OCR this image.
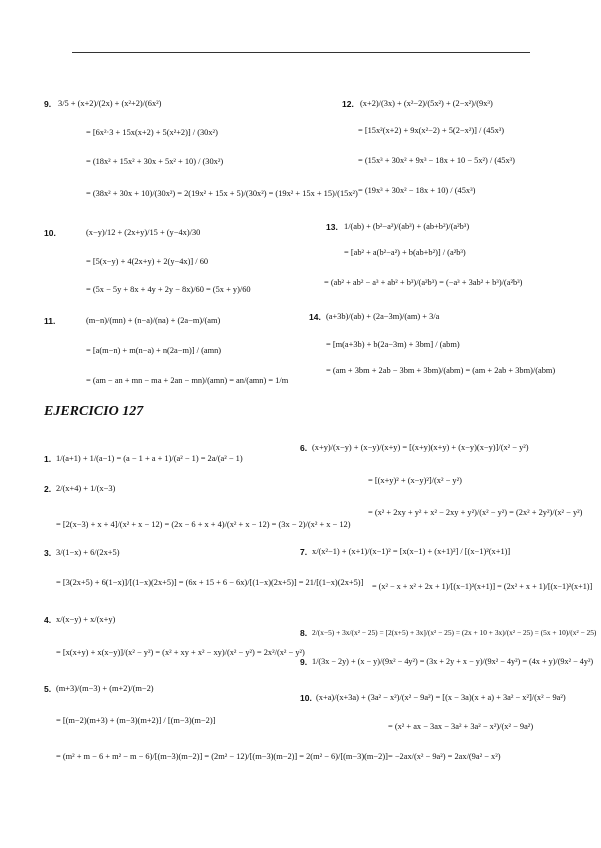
9. 3/5 + (x+2)/(2x) + (x²+2)/(6x²)
= [6x²·3 + 15x(x+2) + 5(x²+2)] / (30x²)
= (18x² + 15x² + 30x + 5x² + 10) / (30x²)
= (38x² + 30x + 10)/(30x²) = 2(19x² + 15x + 5)/(30x²) = (19x² + 15x + 15)/(15x²)
10.	(x−y)/12 + (2x+y)/15 + (y−4x)/30
= [5(x−y) + 4(2x+y) + 2(y−4x)] / 60
= (5x − 5y + 8x + 4y + 2y − 8x)/60 = (5x + y)/60
11.	(m−n)/(mn) + (n−a)/(na) + (2a−m)/(am)
= [a(m−n) + m(n−a) + n(2a−m)] / (amn)
= (am − an + mn − ma + 2an − mn)/(amn) = an/(amn) = 1/m
12. (x+2)/(3x) + (x²−2)/(5x²) + (2−x²)/(9x³)
= [15x²(x+2) + 9x(x²−2) + 5(2−x²)] / (45x³)
= (15x³ + 30x² + 9x³ − 18x + 10 − 5x²) / (45x³)
= (19x³ + 30x² − 18x + 10) / (45x³)
13. 1/(ab) + (b²−a²)/(ab³) + (ab+b²)/(a²b³)
= [ab² + a(b²−a²) + b(ab+b²)] / (a²b³)
= (ab² + ab² − a³ + ab² + b³)/(a²b³) = (−a³ + 3ab² + b³)/(a²b³)
14. (a+3b)/(ab) + (2a−3m)/(am) + 3/a
= [m(a+3b) + b(2a−3m) + 3bm] / (abm)
= (am + 3bm + 2ab − 3bm + 3bm)/(abm) = (am + 2ab + 3bm)/(abm)
EJERCICIO 127
1. 1/(a+1) + 1/(a−1) = (a − 1 + a + 1)/(a² − 1) = 2a/(a² − 1)
2. 2/(x+4) + 1/(x−3)
= [2(x−3) + x + 4]/(x² + x − 12) = (2x − 6 + x + 4)/(x² + x − 12) = (3x − 2)/(x² + x − 12)
3. 3/(1−x) + 6/(2x+5)
= [3(2x+5) + 6(1−x)]/[(1−x)(2x+5)] = (6x + 15 + 6 − 6x)/[(1−x)(2x+5)] = 21/[(1−x)(2x+5)]
4. x/(x−y) + x/(x+y)
= [x(x+y) + x(x−y)]/(x² − y²) = (x² + xy + x² − xy)/(x² − y²) = 2x²/(x² − y²)
5. (m+3)/(m−3) + (m+2)/(m−2)
= [(m−2)(m+3) + (m−3)(m+2)] / [(m−3)(m−2)]
= (m² + m − 6 + m² − m − 6)/[(m−3)(m−2)] = (2m² − 12)/[(m−3)(m−2)] = 2(m² − 6)/[(m−3)(m−2)]
6. (x+y)/(x−y) + (x−y)/(x+y) = [(x+y)(x+y) + (x−y)(x−y)]/(x² − y²)
= [(x+y)² + (x−y)²]/(x² − y²)
= (x² + 2xy + y² + x² − 2xy + y²)/(x² − y²) = (2x² + 2y²)/(x² − y²)
7. x/(x²−1) + (x+1)/(x−1)² = [x(x−1) + (x+1)²] / [(x−1)²(x+1)]
= (x² − x + x² + 2x + 1)/[(x−1)²(x+1)] = (2x² + x + 1)/[(x−1)²(x+1)]
8. 2/(x−5) + 3x/(x² − 25) = [2(x+5) + 3x]/(x² − 25) = (2x + 10 + 3x)/(x² − 25) = (5x + 10)/(x² − 25)
9. 1/(3x − 2y) + (x − y)/(9x² − 4y²) = (3x + 2y + x − y)/(9x² − 4y²) = (4x + y)/(9x² − 4y²)
10. (x+a)/(x+3a) + (3a² − x²)/(x² − 9a²) = [(x − 3a)(x + a) + 3a² − x²]/(x² − 9a²)
= (x² + ax − 3ax − 3a² + 3a² − x²)/(x² − 9a²)
= −2ax/(x² − 9a²) = 2ax/(9a² − x²)
